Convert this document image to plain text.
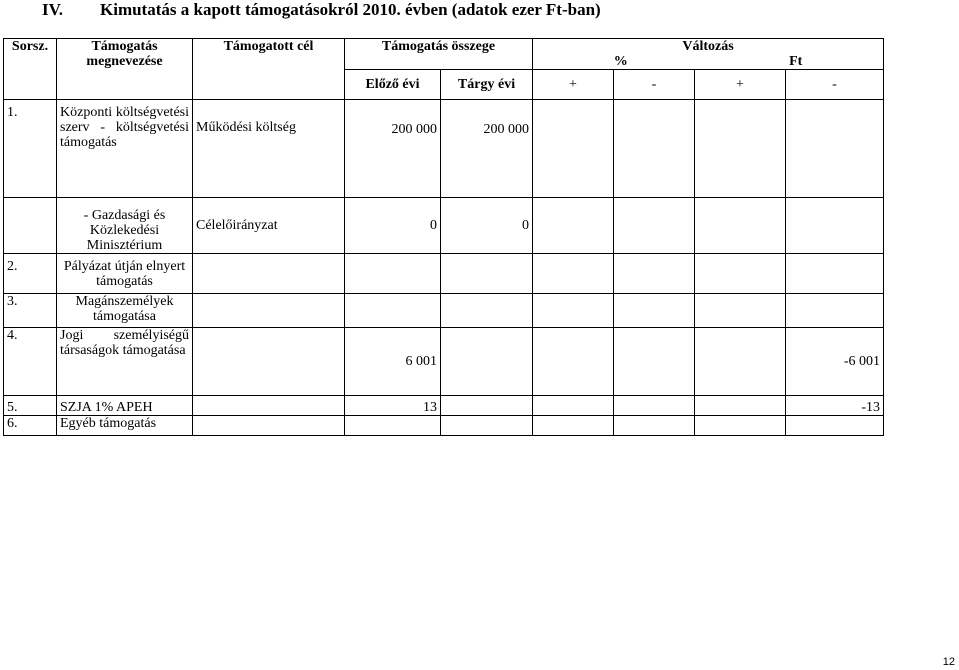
IV. Kimutatás a kapott támogatásokról 2010. évben (adatok ezer Ft-ban)
Sorsz.	Támogatás megnevezése	Támogatott cél	Támogatás összege		Változás
% Ft			

			Előző évi	Tárgy évi	+	-	+	-
1.	Központi költségvetési szerv - költségvetési támogatás	Működési költség	200 000	200 000				
	- Gazdasági és Közlekedési Minisztérium	Célelőirányzat	0	0				
2.	Pályázat útján elnyert támogatás							
3.	Magánszemélyek támogatása							
4.	Jogi személyiségű társaságok támogatása		6 001					-6 001
5.	SZJA 1% APEH		13					-13
6.	Egyéb támogatás							
12
